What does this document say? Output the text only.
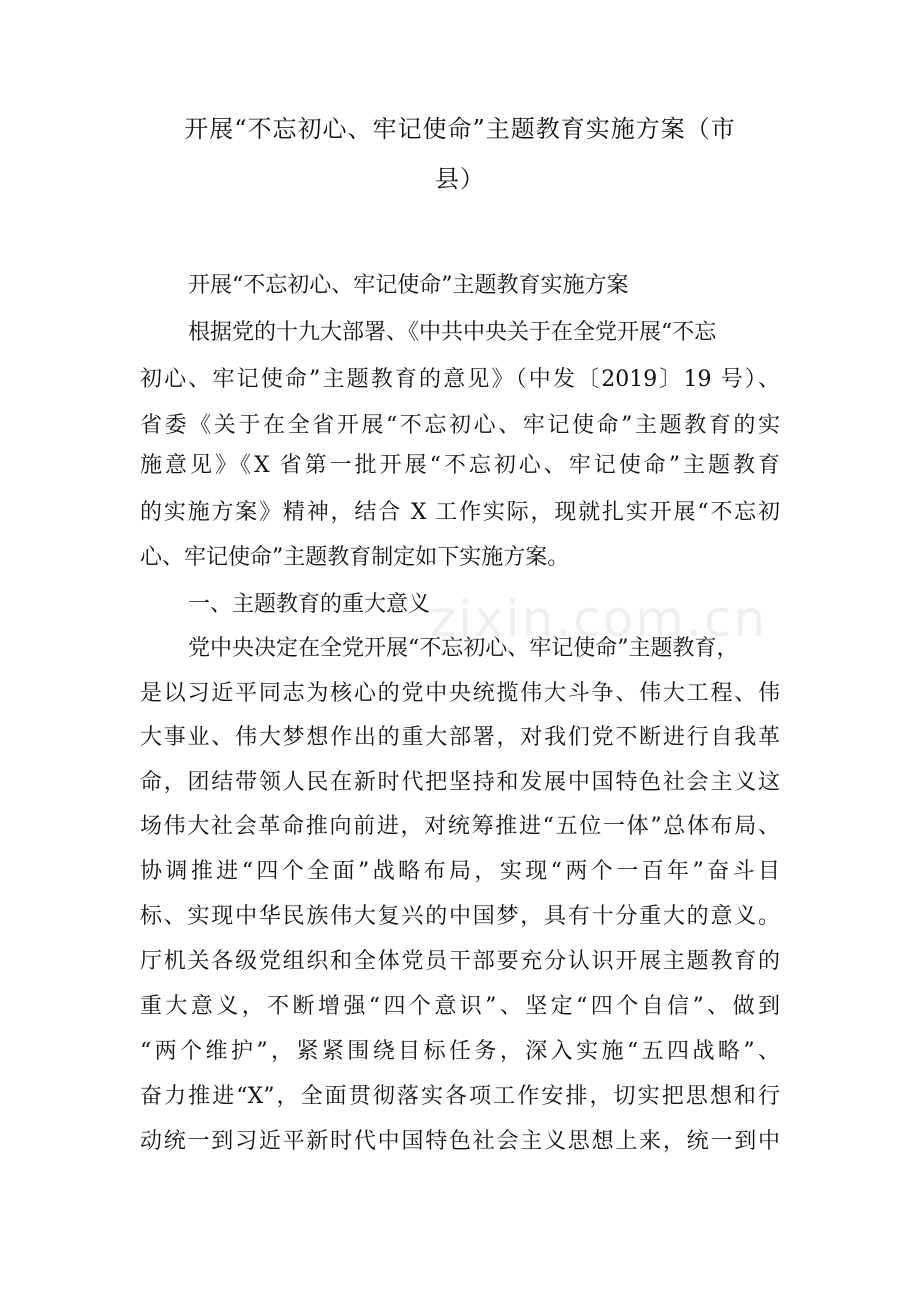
开展“不忘初心、牢记使命”主题教育实施方案（市
县）
开展“不忘初心、牢记使命”主题教育实施方案
根据党的十九大部署、《中共中央关于在全党开展“不忘
初心、牢记使命”主题教育的意见》（中发〔2019〕19 号）、
省委《关于在全省开展“不忘初心、牢记使命”主题教育的实
施意见》《X 省第一批开展“不忘初心、牢记使命”主题教育
的实施方案》精神，结合 X 工作实际，现就扎实开展“不忘初
心、牢记使命”主题教育制定如下实施方案。
一、主题教育的重大意义
党中央决定在全党开展“不忘初心、牢记使命”主题教育，
是以习近平同志为核心的党中央统揽伟大斗争、伟大工程、伟
大事业、伟大梦想作出的重大部署，对我们党不断进行自我革
命，团结带领人民在新时代把坚持和发展中国特色社会主义这
场伟大社会革命推向前进，对统筹推进“五位一体”总体布局、
协调推进“四个全面”战略布局，实现“两个一百年”奋斗目
标、实现中华民族伟大复兴的中国梦，具有十分重大的意义。
厅机关各级党组织和全体党员干部要充分认识开展主题教育的
重大意义，不断增强“四个意识”、坚定“四个自信”、做到
“两个维护”，紧紧围绕目标任务，深入实施“五四战略”、
奋力推进“X”，全面贯彻落实各项工作安排，切实把思想和行
动统一到习近平新时代中国特色社会主义思想上来，统一到中
zixin.com.cn
